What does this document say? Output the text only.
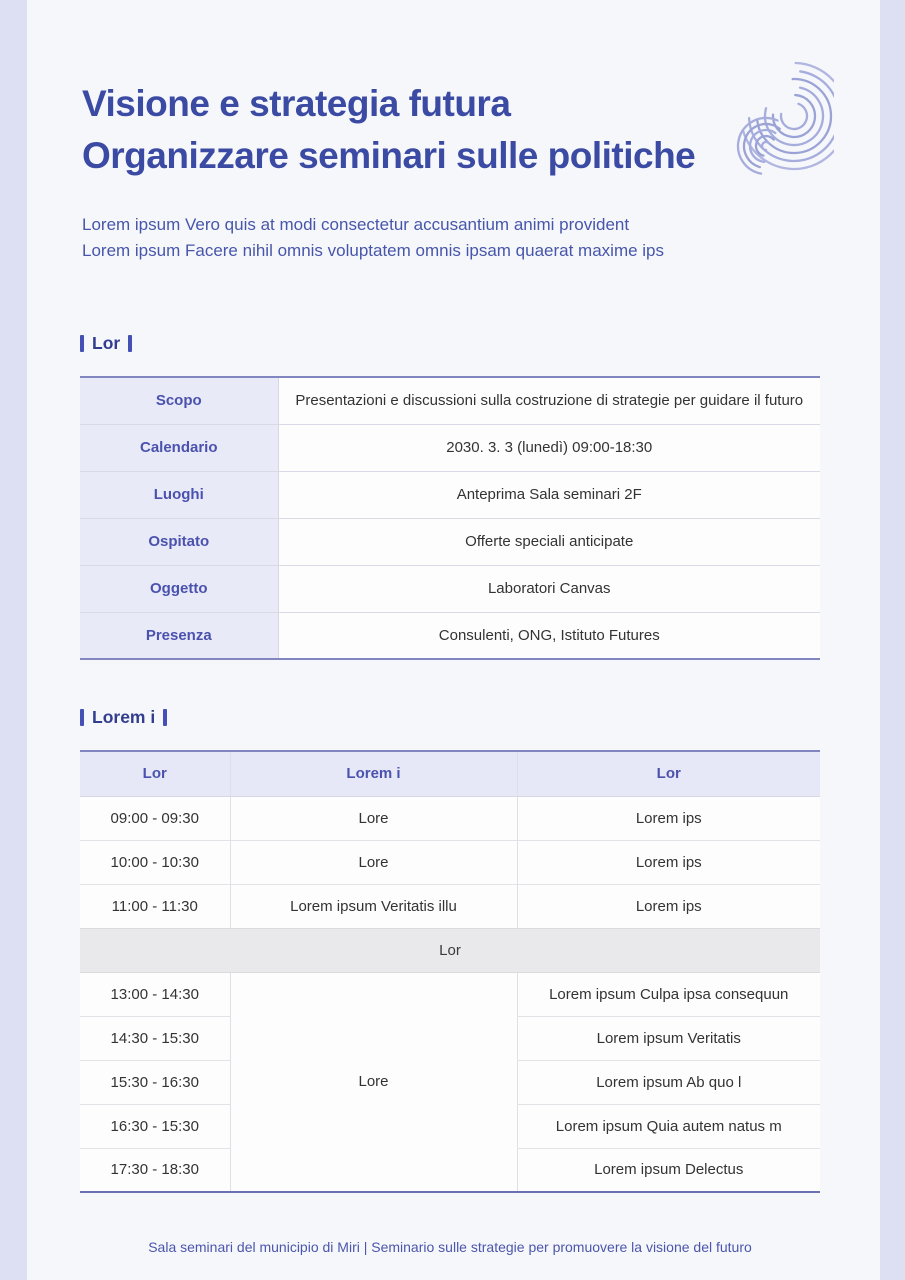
Visione e strategia futura
Organizzare seminari sulle politiche
Lorem ipsum Vero quis at modi consectetur accusantium animi provident
Lorem ipsum Facere nihil omnis voluptatem omnis ipsam quaerat maxime ips
Lor
Scopo	Presentazioni e discussioni sulla costruzione di strategie per guidare il futuro
Calendario	2030. 3. 3 (lunedì) 09:00-18:30
Luoghi	Anteprima Sala seminari 2F
Ospitato	Offerte speciali anticipate
Oggetto	Laboratori Canvas
Presenza	Consulenti, ONG, Istituto Futures
Lorem i
Lor	Lorem i	Lor
09:00 - 09:30	Lore	Lorem ips
10:00 - 10:30	Lore	Lorem ips
11:00 - 11:30	Lorem ipsum Veritatis illu	Lorem ips
Lor		
13:00 - 14:30	Lore	Lorem ipsum Culpa ipsa consequun
14:30 - 15:30		Lorem ipsum Veritatis
15:30 - 16:30		Lorem ipsum Ab quo l
16:30 - 15:30		Lorem ipsum Quia autem natus m
17:30 - 18:30		Lorem ipsum Delectus
Sala seminari del municipio di Miri | Seminario sulle strategie per promuovere la visione del futuro
